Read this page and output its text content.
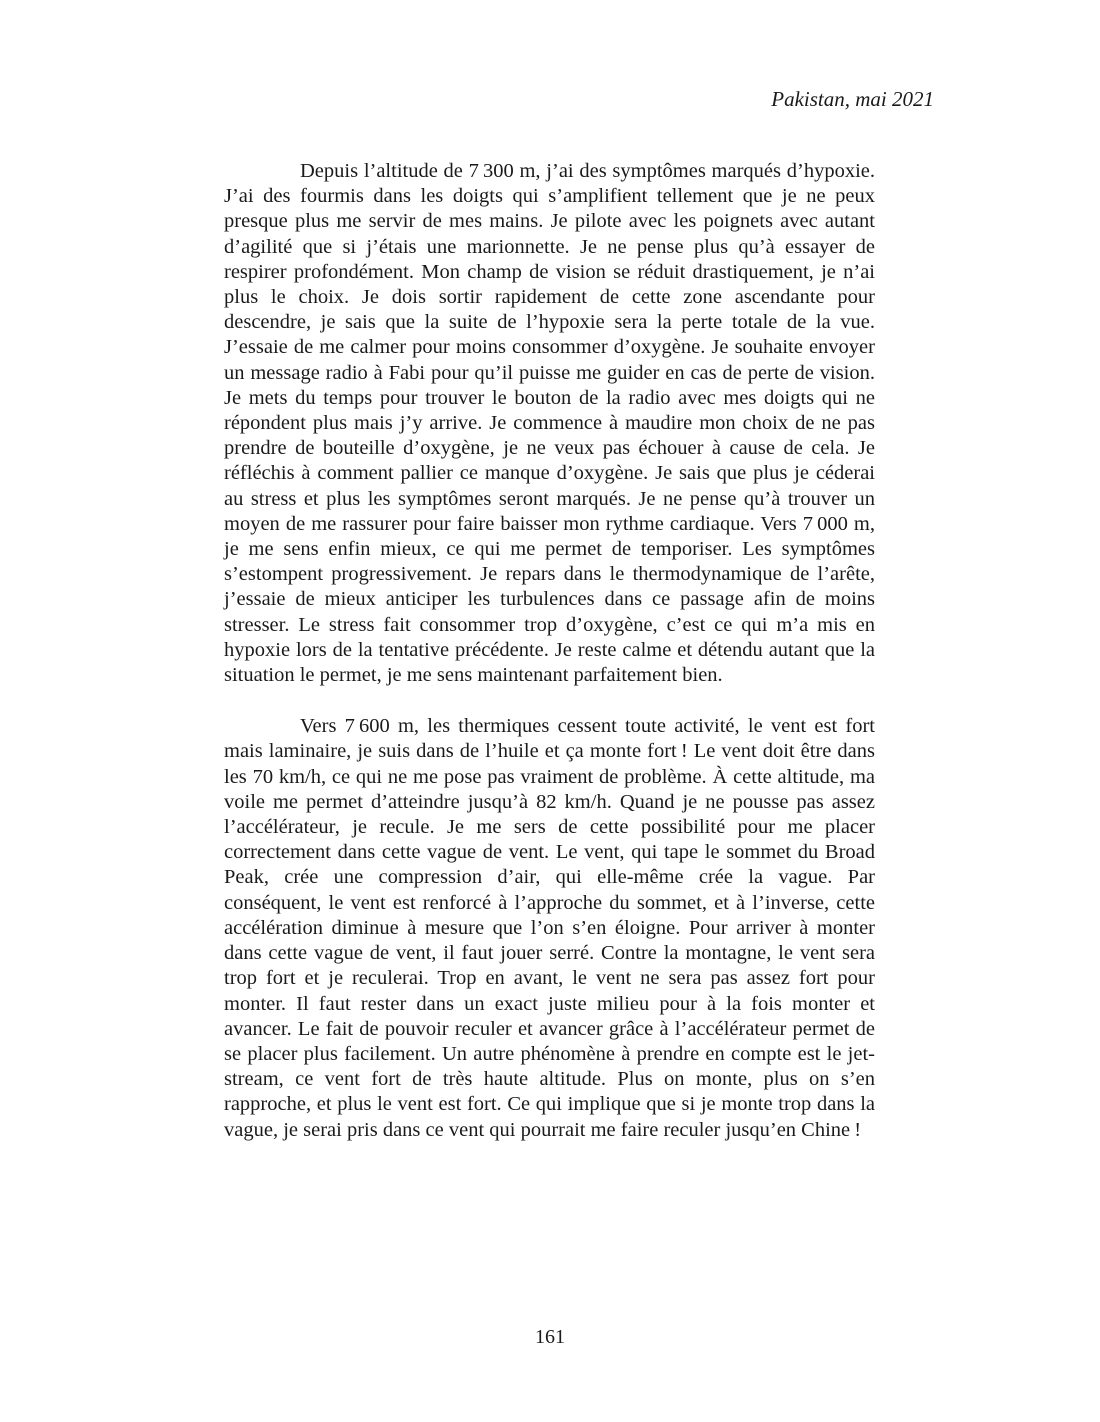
Pakistan, mai 2021

Depuis l’altitude de 7 300 m, j’ai des symptômes marqués d’hypoxie. J’ai des fourmis dans les doigts qui s’amplifient tellement que je ne peux presque plus me servir de mes mains. Je pilote avec les poignets avec autant d’agilité que si j’étais une marionnette. Je ne pense plus qu’à essayer de respirer profondément. Mon champ de vision se réduit drastiquement, je n’ai plus le choix. Je dois sortir rapidement de cette zone ascendante pour descendre, je sais que la suite de l’hypoxie sera la perte totale de la vue. J’essaie de me calmer pour moins consommer d’oxygène. Je souhaite envoyer un message radio à Fabi pour qu’il puisse me guider en cas de perte de vision. Je mets du temps pour trouver le bouton de la radio avec mes doigts qui ne répondent plus mais j’y arrive. Je commence à maudire mon choix de ne pas prendre de bouteille d’oxygène, je ne veux pas échouer à cause de cela. Je réfléchis à comment pallier ce manque d’oxygène. Je sais que plus je céderai au stress et plus les symptômes seront marqués. Je ne pense qu’à trouver un moyen de me rassurer pour faire baisser mon rythme cardiaque. Vers 7 000 m, je me sens enfin mieux, ce qui me permet de temporiser. Les symptômes s’estompent progressivement. Je repars dans le thermodynamique de l’arête, j’essaie de mieux anticiper les turbulences dans ce passage afin de moins stresser. Le stress fait consommer trop d’oxygène, c’est ce qui m’a mis en hypoxie lors de la tentative précédente. Je reste calme et détendu autant que la situation le permet, je me sens maintenant parfaitement bien.

Vers 7 600 m, les thermiques cessent toute activité, le vent est fort mais laminaire, je suis dans de l’huile et ça monte fort ! Le vent doit être dans les 70 km/h, ce qui ne me pose pas vraiment de problème. À cette altitude, ma voile me permet d’atteindre jusqu’à 82 km/h. Quand je ne pousse pas assez l’accélérateur, je recule. Je me sers de cette possibilité pour me placer correctement dans cette vague de vent. Le vent, qui tape le sommet du Broad Peak, crée une compression d’air, qui elle-même crée la vague. Par conséquent, le vent est renforcé à l’approche du sommet, et à l’inverse, cette accélération diminue à mesure que l’on s’en éloigne. Pour arriver à monter dans cette vague de vent, il faut jouer serré. Contre la montagne, le vent sera trop fort et je reculerai. Trop en avant, le vent ne sera pas assez fort pour monter. Il faut rester dans un exact juste milieu pour à la fois monter et avancer. Le fait de pouvoir reculer et avancer grâce à l’accélérateur permet de se placer plus facilement. Un autre phénomène à prendre en compte est le jet-stream, ce vent fort de très haute altitude. Plus on monte, plus on s’en rapproche, et plus le vent est fort. Ce qui implique que si je monte trop dans la vague, je serai pris dans ce vent qui pourrait me faire reculer jusqu’en Chine !

161
